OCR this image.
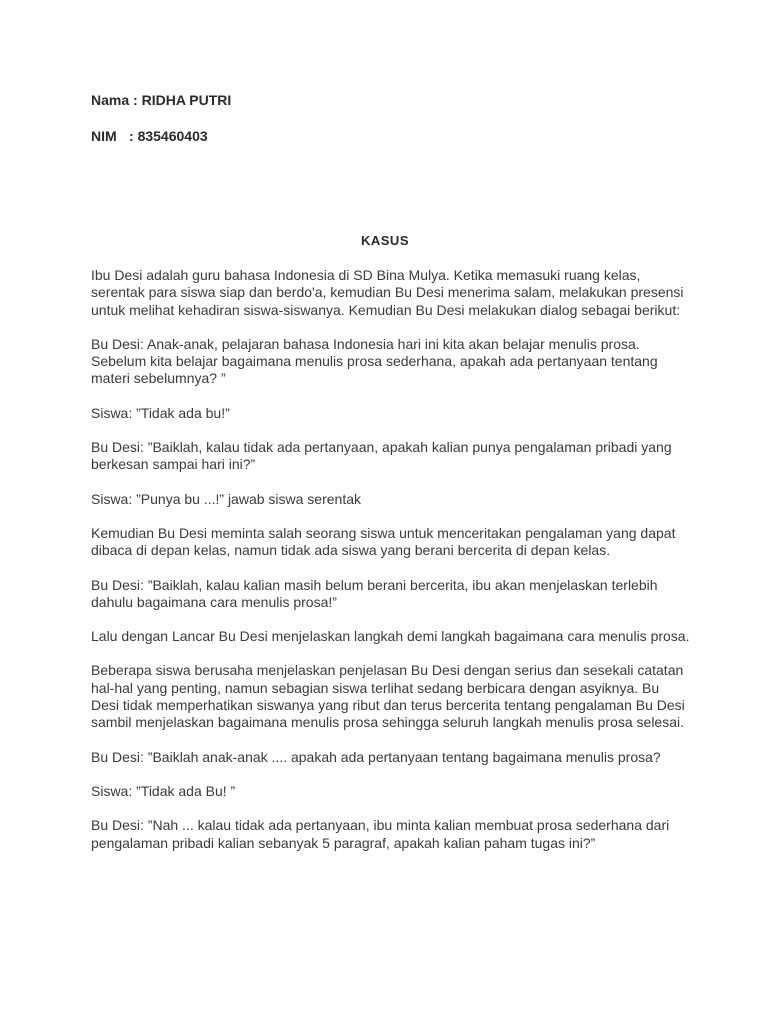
Nama : RIDHA PUTRI
NIM : 835460403
KASUS

Ibu Desi adalah guru bahasa Indonesia di SD Bina Mulya. Ketika memasuki ruang kelas, serentak para siswa siap dan berdo'a, kemudian Bu Desi menerima salam, melakukan presensi untuk melihat kehadiran siswa-siswanya. Kemudian Bu Desi melakukan dialog sebagai berikut:

Bu Desi: Anak-anak, pelajaran bahasa Indonesia hari ini kita akan belajar menulis prosa. Sebelum kita belajar bagaimana menulis prosa sederhana, apakah ada pertanyaan tentang materi sebelumnya? ”

Siswa: ”Tidak ada bu!”

Bu Desi: ”Baiklah, kalau tidak ada pertanyaan, apakah kalian punya pengalaman pribadi yang berkesan sampai hari ini?”

Siswa: ”Punya bu ...!” jawab siswa serentak

Kemudian Bu Desi meminta salah seorang siswa untuk menceritakan pengalaman yang dapat dibaca di depan kelas, namun tidak ada siswa yang berani bercerita di depan kelas.

Bu Desi: ”Baiklah, kalau kalian masih belum berani bercerita, ibu akan menjelaskan terlebih dahulu bagaimana cara menulis prosa!”

Lalu dengan Lancar Bu Desi menjelaskan langkah demi langkah bagaimana cara menulis prosa.

Beberapa siswa berusaha menjelaskan penjelasan Bu Desi dengan serius dan sesekali catatan hal-hal yang penting, namun sebagian siswa terlihat sedang berbicara dengan asyiknya. Bu Desi tidak memperhatikan siswanya yang ribut dan terus bercerita tentang pengalaman Bu Desi sambil menjelaskan bagaimana menulis prosa sehingga seluruh langkah menulis prosa selesai.

Bu Desi: ”Baiklah anak-anak .... apakah ada pertanyaan tentang bagaimana menulis prosa?

Siswa: ”Tidak ada Bu! ”

Bu Desi: ”Nah ... kalau tidak ada pertanyaan, ibu minta kalian membuat prosa sederhana dari pengalaman pribadi kalian sebanyak 5 paragraf, apakah kalian paham tugas ini?”
